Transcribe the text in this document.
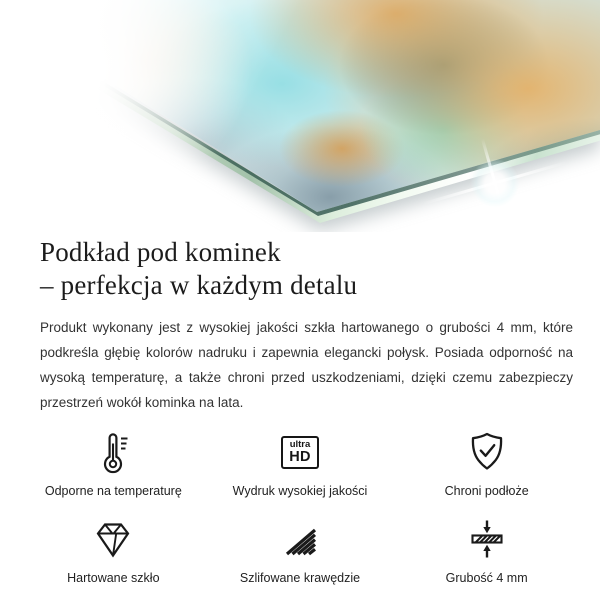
Podkład pod kominek
– perfekcja w każdym detalu

Produkt wykonany jest z wysokiej jakości szkła hartowanego o grubości 4 mm, które podkreśla głębię kolorów nadruku i zapewnia elegancki połysk. Posiada odporność na wysoką temperaturę, a także chroni przed uszkodzeniami, dzięki czemu zabezpieczy przestrzeń wokół kominka na lata.

Odporne na temperaturę
ultra
HD
Wydruk wysokiej jakości	Chroni podłoże
Hartowane szkło	Szlifowane krawędzie	Grubość 4 mm
